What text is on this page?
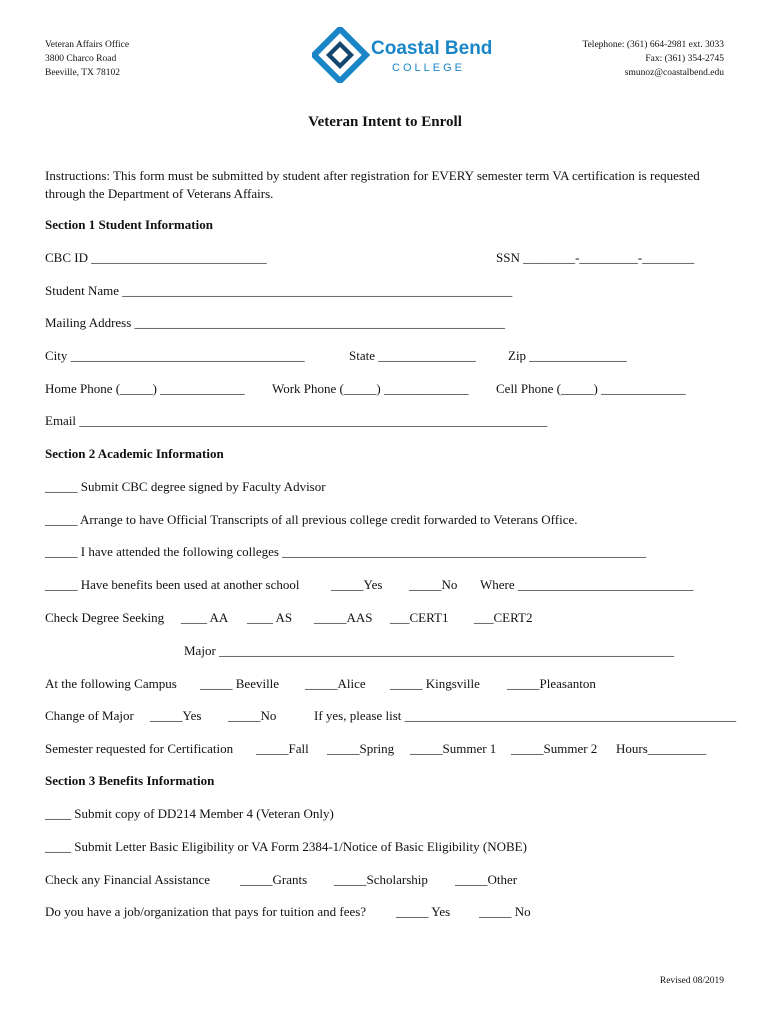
Veteran Affairs Office
3800 Charco Road
Beeville, TX 78102
Coastal Bend
COLLEGE
Telephone: (361) 664-2981 ext. 3033
Fax: (361) 354-2745
smunoz@coastalbend.edu
Veteran Intent to Enroll
Instructions: This form must be submitted by student after registration for EVERY semester term VA certification is requested through the Department of Veterans Affairs.
Section 1 Student Information
CBC ID ___________________________	SSN ________-_________-________
Student Name ____________________________________________________________
Mailing Address _________________________________________________________
City ____________________________________	State _______________ Zip _______________
Home Phone (_____) _____________ Work Phone (_____) _____________ Cell Phone (_____) _____________
Email ________________________________________________________________________
Section 2 Academic Information
_____ Submit CBC degree signed by Faculty Advisor
_____ Arrange to have Official Transcripts of all previous college credit forwarded to Veterans Office.
_____ I have attended the following colleges ________________________________________________________
_____ Have benefits been used at another school _____Yes _____No Where ___________________________
Check Degree Seeking ____ AA ____ AS _____AAS ___CERT1 ___CERT2
Major ______________________________________________________________________
At the following Campus _____ Beeville _____Alice _____ Kingsville _____Pleasanton
Change of Major _____Yes _____No	If yes, please list ___________________________________________________
Semester requested for Certification _____Fall _____Spring _____Summer 1 _____Summer 2 Hours_________
Section 3 Benefits Information
____ Submit copy of DD214 Member 4 (Veteran Only)
____ Submit Letter Basic Eligibility or VA Form 2384-1/Notice of Basic Eligibility (NOBE)
Check any Financial Assistance _____Grants _____Scholarship _____Other
Do you have a job/organization that pays for tuition and fees? _____ Yes _____ No
Revised 08/2019
